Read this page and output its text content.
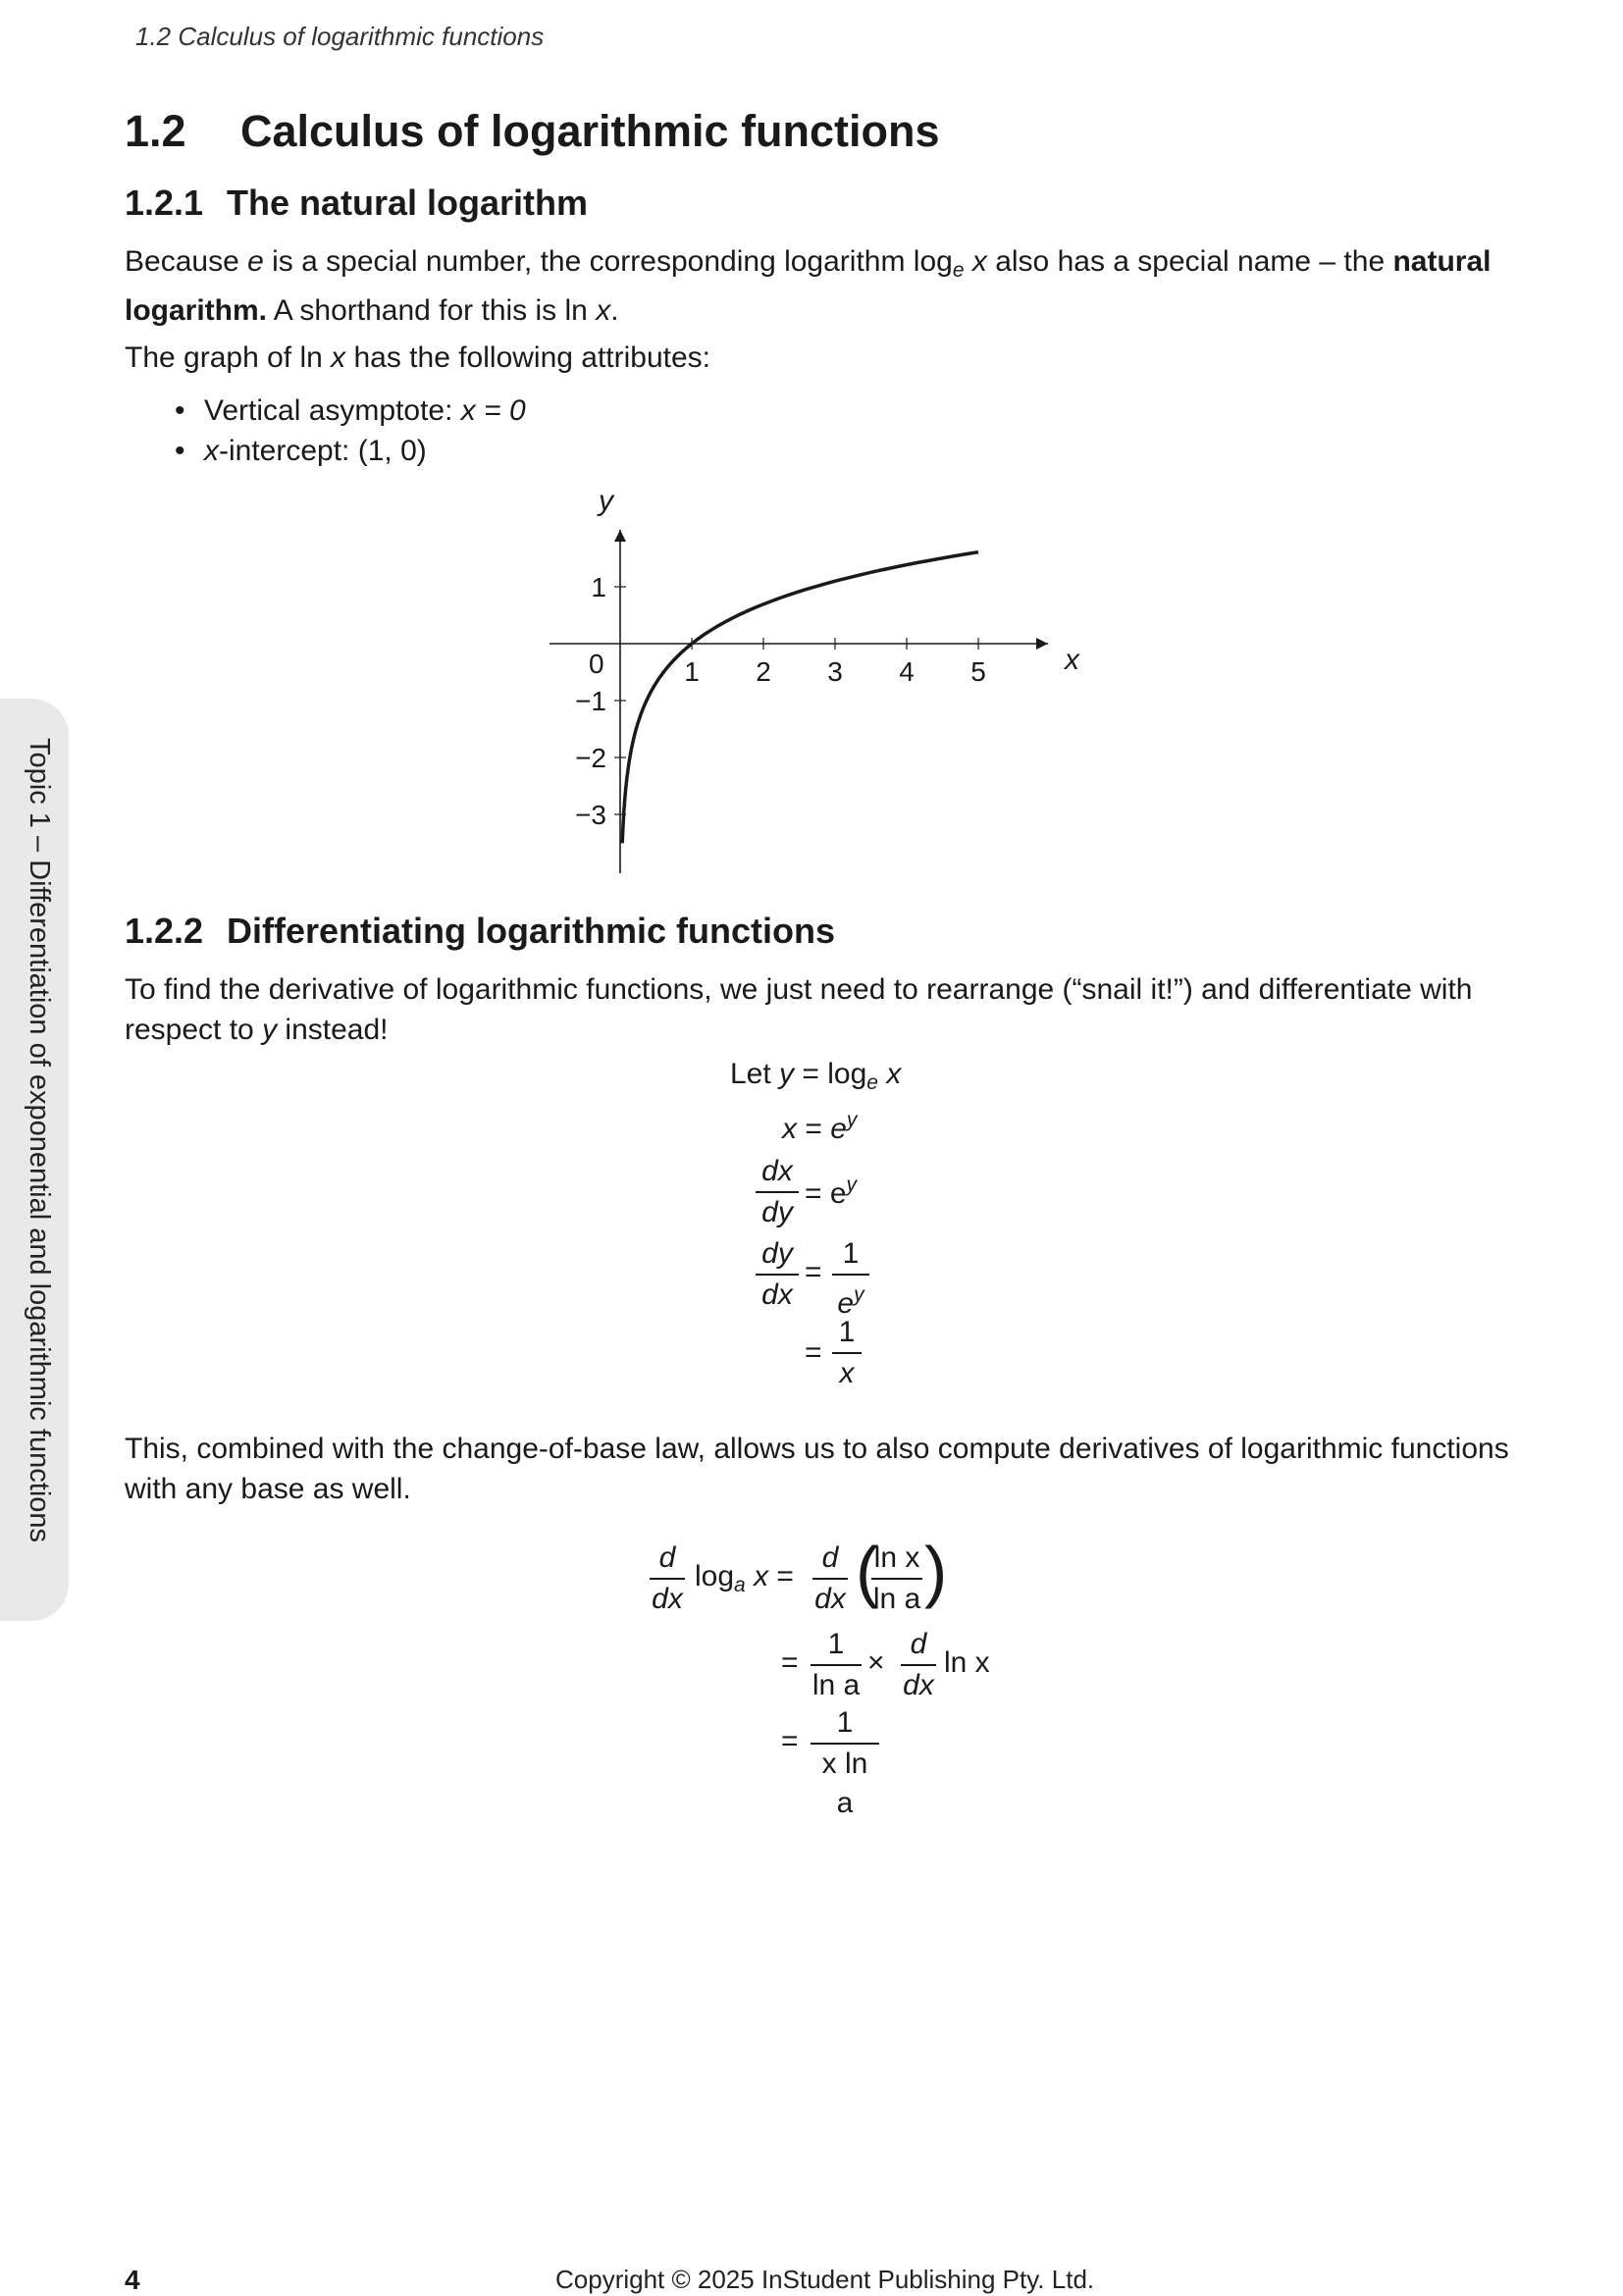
1.2 Calculus of logarithmic functions
1.2 Calculus of logarithmic functions
1.2.1 The natural logarithm

Because e is a special number, the corresponding logarithm $\log_e x$ also has a special name – the natural logarithm. A shorthand for this is ln x.

The graph of ln x has the following attributes:

• Vertical asymptote: x = 0
• x-intercept: (1, 0)
1 2 3 4 5
1
−1
−2
−3
x
y
0
1.2.2 Differentiating logarithmic functions

To find the derivative of logarithmic functions, we just need to rearrange (“snail it!”) and differentiate with respect to y instead!

Let $y = \log_e x$
$x = e^y$
$\frac{dx}{dy} = e^y$
$\frac{dy}{dx} = \frac{1}{e^y}$
= $\frac{1}{x}$

This, combined with the change-of-base law, allows us to also compute derivatives of logarithmic functions with any base as well.

$\frac{d}{dx} \log_a x = \frac{d}{dx}$ (
$\frac{\text{ln x}}{\text{ln a}}$ )
= $\frac{1}{\text{ln a}} \times \frac{d}{dx}$ ln x
= $\frac{1}{\text{x ln a}}$
Topic 1 – Differentiation of exponential and logarithmic functions
4	Copyright © 2025 InStudent Publishing Pty. Ltd.
